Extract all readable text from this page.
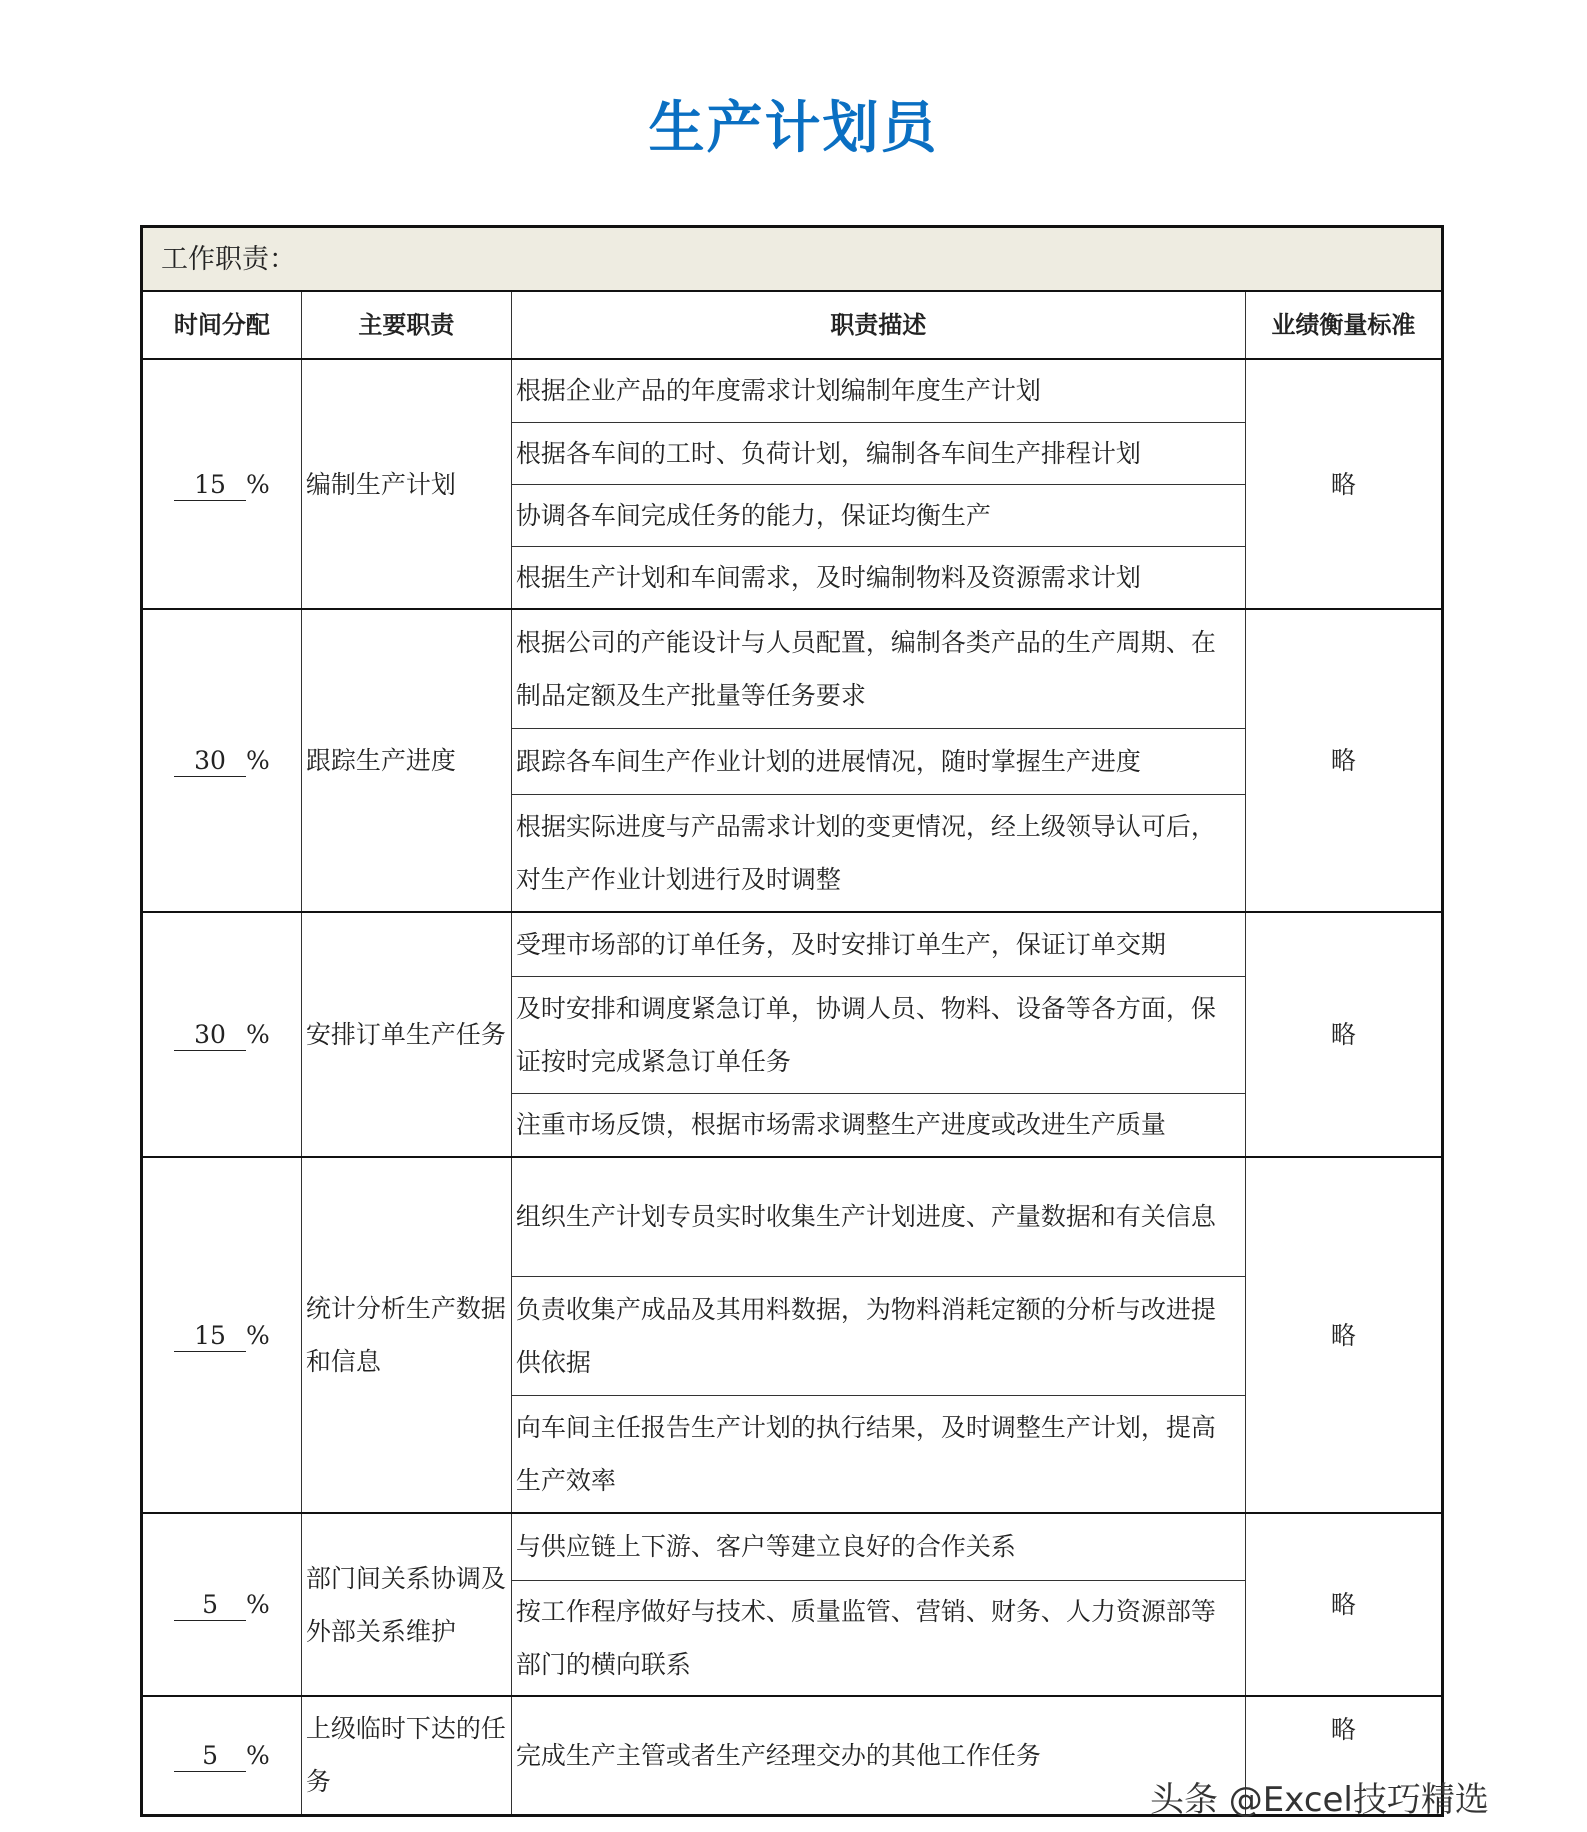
生产计划员
工作职责：			
时间分配	主要职责	职责描述	业绩衡量标准
15 %	编制生产计划	根据企业产品的年度需求计划编制年度生产计划	略
		根据各车间的工时、负荷计划，编制各车间生产排程计划	
		协调各车间完成任务的能力，保证均衡生产	
		根据生产计划和车间需求，及时编制物料及资源需求计划	
30 %	跟踪生产进度	根据公司的产能设计与人员配置，编制各类产品的生产周期、在制品定额及生产批量等任务要求	略
		跟踪各车间生产作业计划的进展情况，随时掌握生产进度	
		根据实际进度与产品需求计划的变更情况，经上级领导认可后，对生产作业计划进行及时调整	
30 %	安排订单生产任务	受理市场部的订单任务，及时安排订单生产，保证订单交期	略
		及时安排和调度紧急订单，协调人员、物料、设备等各方面，保证按时完成紧急订单任务	
		注重市场反馈，根据市场需求调整生产进度或改进生产质量	
15 %	统计分析生产数据和信息	组织生产计划专员实时收集生产计划进度、产量数据和有关信息	略
		负责收集产成品及其用料数据，为物料消耗定额的分析与改进提供依据	
		向车间主任报告生产计划的执行结果，及时调整生产计划，提高生产效率	
5 %	部门间关系协调及外部关系维护	与供应链上下游、客户等建立良好的合作关系	略
		按工作程序做好与技术、质量监管、营销、财务、人力资源部等部门的横向联系	
5 %	上级临时下达的任务	完成生产主管或者生产经理交办的其他工作任务	略
头条 @Excel技巧精选
